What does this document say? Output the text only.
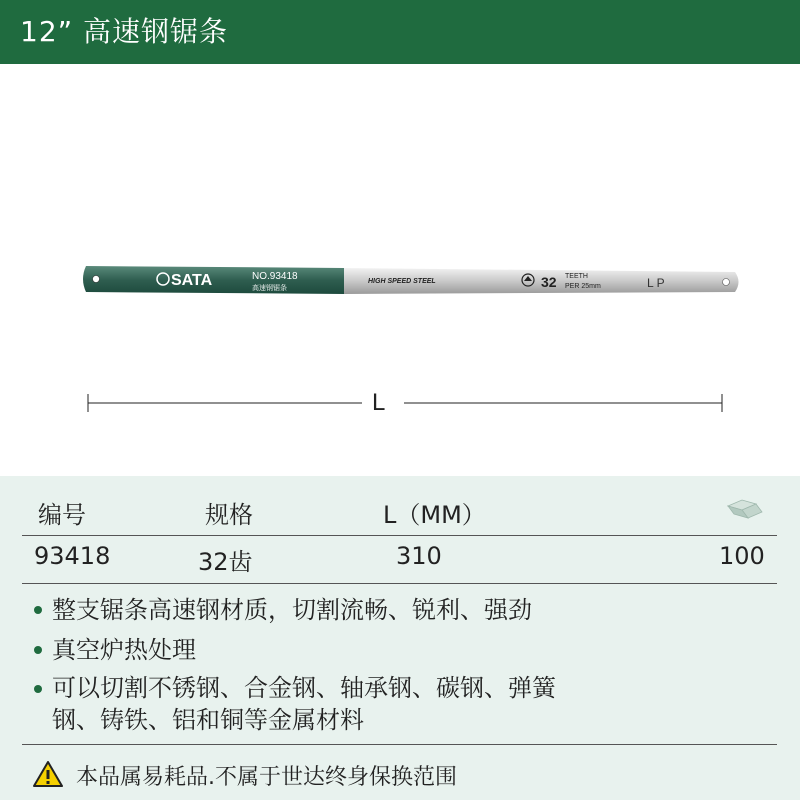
12” 高速钢锯条
SATA	NO.93418
高速钢锯条
HIGH SPEED STEEL	32 TEETH
PER 25mm	L P
L
编号	规格	L（MM）
93418	32齿	310	100
整支锯条高速钢材质，切割流畅、锐利、强劲
真空炉热处理
可以切割不锈钢、合金钢、轴承钢、碳钢、弹簧
钢、铸铁、铝和铜等金属材料
本品属易耗品.不属于世达终身保换范围
